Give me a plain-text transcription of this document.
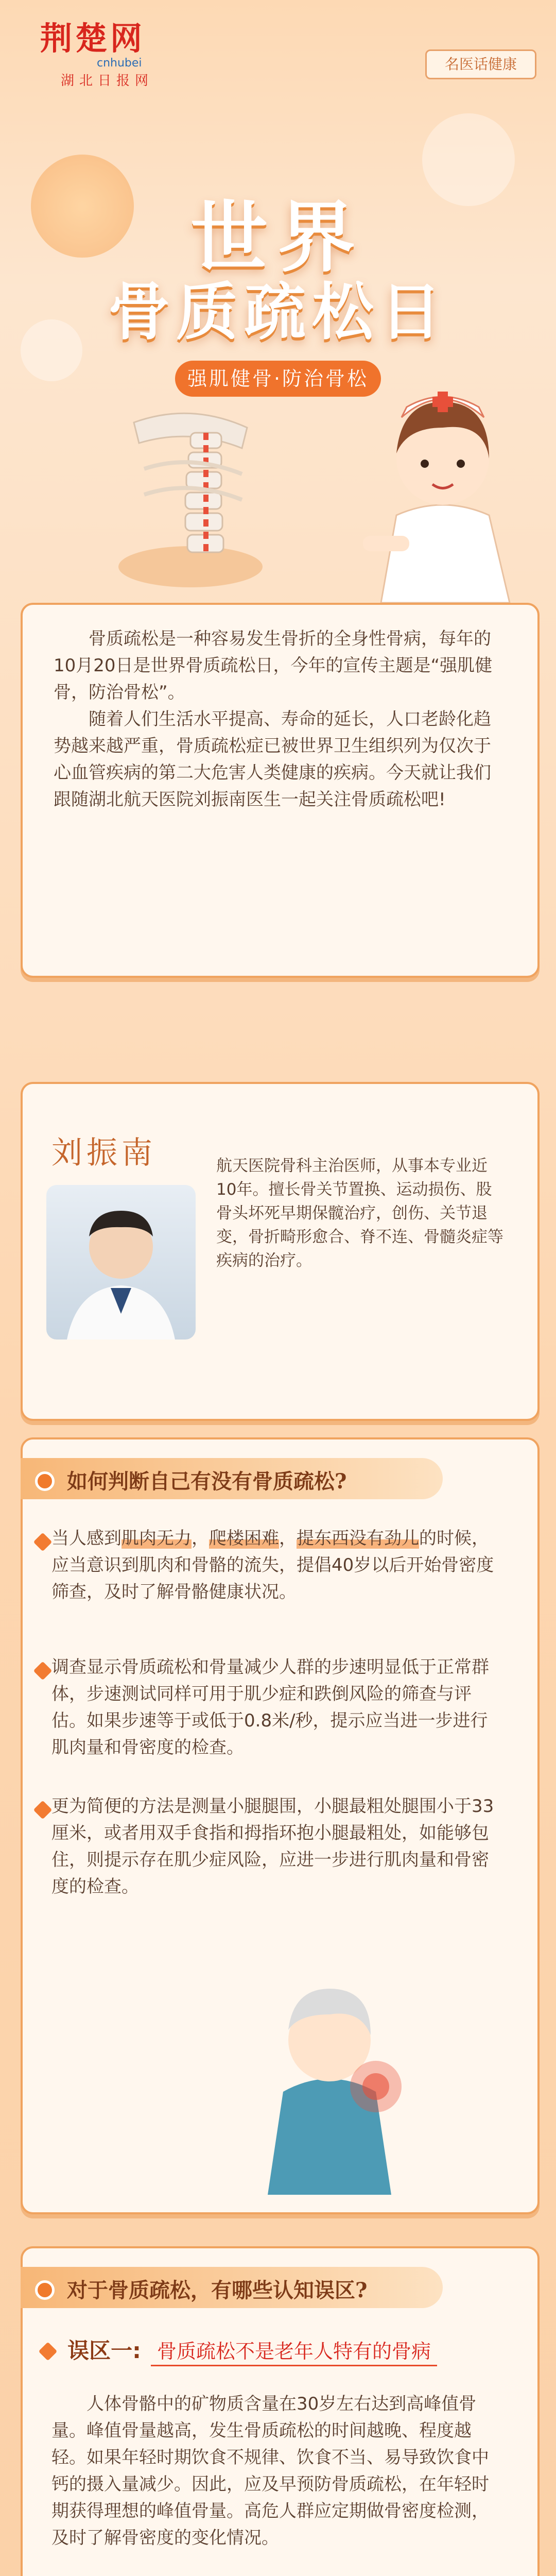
荆楚网
cnhubei
湖北日报网
名医话健康
世界
骨质疏松日
强肌健骨·防治骨松

骨质疏松是一种容易发生骨折的全身性骨病，每年的10月20日是世界骨质疏松日，今年的宣传主题是“强肌健骨，防治骨松”。

随着人们生活水平提高、寿命的延长，人口老龄化趋势越来越严重，骨质疏松症已被世界卫生组织列为仅次于心血管疾病的第二大危害人类健康的疾病。今天就让我们跟随湖北航天医院刘振南医生一起关注骨质疏松吧!

刘振南	航天医院骨科主治医师，从事本专业近10年。擅长骨关节置换、运动损伤、股骨头坏死早期保髋治疗，创伤、关节退变，骨折畸形愈合、脊不连、骨髓炎症等疾病的治疗。
如何判断自己有没有骨质疏松?
当人感到肌肉无力，爬楼困难，提东西没有劲儿的时候，应当意识到肌肉和骨骼的流失，提倡40岁以后开始骨密度筛查，及时了解骨骼健康状况。
调查显示骨质疏松和骨量减少人群的步速明显低于正常群体，步速测试同样可用于肌少症和跌倒风险的筛查与评估。如果步速等于或低于0.8米/秒，提示应当进一步进行肌肉量和骨密度的检查。
更为简便的方法是测量小腿腿围，小腿最粗处腿围小于33厘米，或者用双手食指和拇指环抱小腿最粗处，如能够包住，则提示存在肌少症风险，应进一步进行肌肉量和骨密度的检查。
对于骨质疏松，有哪些认知误区?
误区一: 骨质疏松不是老年人特有的骨病
人体骨骼中的矿物质含量在30岁左右达到高峰值骨量。峰值骨量越高，发生骨质疏松的时间越晚、程度越轻。如果年轻时期饮食不规律、饮食不当、易导致饮食中钙的摄入量减少。因此，应及早预防骨质疏松，在年轻时期获得理想的峰值骨量。高危人群应定期做骨密度检测，及时了解骨密度的变化情况。
